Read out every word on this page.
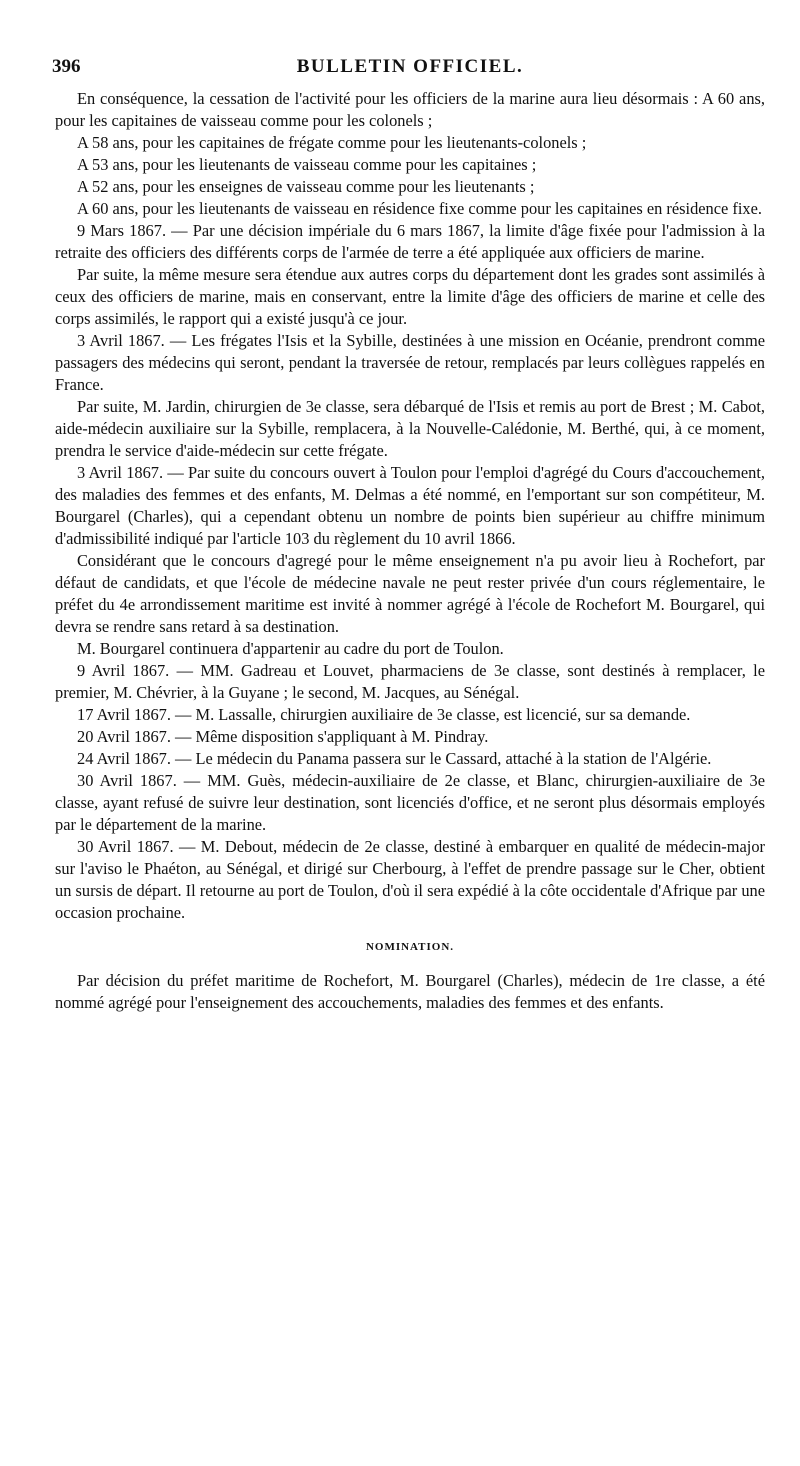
396	BULLETIN OFFICIEL.

En conséquence, la cessation de l'activité pour les officiers de la marine aura lieu désormais : A 60 ans, pour les capitaines de vaisseau comme pour les colonels ;

A 58 ans, pour les capitaines de frégate comme pour les lieutenants-colonels ;

A 53 ans, pour les lieutenants de vaisseau comme pour les capitaines ;

A 52 ans, pour les enseignes de vaisseau comme pour les lieutenants ;

A 60 ans, pour les lieutenants de vaisseau en résidence fixe comme pour les capitaines en résidence fixe.

9 Mars 1867. — Par une décision impériale du 6 mars 1867, la limite d'âge fixée pour l'admission à la retraite des officiers des différents corps de l'armée de terre a été appliquée aux officiers de marine.

Par suite, la même mesure sera étendue aux autres corps du département dont les grades sont assimilés à ceux des officiers de marine, mais en conservant, entre la limite d'âge des officiers de marine et celle des corps assimilés, le rapport qui a existé jusqu'à ce jour.

3 Avril 1867. — Les frégates l'Isis et la Sybille, destinées à une mission en Océanie, prendront comme passagers des médecins qui seront, pendant la traversée de retour, remplacés par leurs collègues rappelés en France.

Par suite, M. Jardin, chirurgien de 3e classe, sera débarqué de l'Isis et remis au port de Brest ; M. Cabot, aide-médecin auxiliaire sur la Sybille, remplacera, à la Nouvelle-Calédonie, M. Berthé, qui, à ce moment, prendra le service d'aide-médecin sur cette frégate.

3 Avril 1867. — Par suite du concours ouvert à Toulon pour l'emploi d'agrégé du Cours d'accouchement, des maladies des femmes et des enfants, M. Delmas a été nommé, en l'emportant sur son compétiteur, M. Bourgarel (Charles), qui a cependant obtenu un nombre de points bien supérieur au chiffre minimum d'admissibilité indiqué par l'article 103 du règlement du 10 avril 1866.

Considérant que le concours d'agregé pour le même enseignement n'a pu avoir lieu à Rochefort, par défaut de candidats, et que l'école de médecine navale ne peut rester privée d'un cours réglementaire, le préfet du 4e arrondissement maritime est invité à nommer agrégé à l'école de Rochefort M. Bourgarel, qui devra se rendre sans retard à sa destination.

M. Bourgarel continuera d'appartenir au cadre du port de Toulon.

9 Avril 1867. — MM. Gadreau et Louvet, pharmaciens de 3e classe, sont destinés à remplacer, le premier, M. Chévrier, à la Guyane ; le second, M. Jacques, au Sénégal.

17 Avril 1867. — M. Lassalle, chirurgien auxiliaire de 3e classe, est licencié, sur sa demande.

20 Avril 1867. — Même disposition s'appliquant à M. Pindray.

24 Avril 1867. — Le médecin du Panama passera sur le Cassard, attaché à la station de l'Algérie.

30 Avril 1867. — MM. Guès, médecin-auxiliaire de 2e classe, et Blanc, chirurgien-auxiliaire de 3e classe, ayant refusé de suivre leur destination, sont licenciés d'office, et ne seront plus désormais employés par le département de la marine.

30 Avril 1867. — M. Debout, médecin de 2e classe, destiné à embarquer en qualité de médecin-major sur l'aviso le Phaéton, au Sénégal, et dirigé sur Cherbourg, à l'effet de prendre passage sur le Cher, obtient un sursis de départ. Il retourne au port de Toulon, d'où il sera expédié à la côte occidentale d'Afrique par une occasion prochaine.

NOMINATION.

Par décision du préfet maritime de Rochefort, M. Bourgarel (Charles), médecin de 1re classe, a été nommé agrégé pour l'enseignement des accouchements, maladies des femmes et des enfants.
